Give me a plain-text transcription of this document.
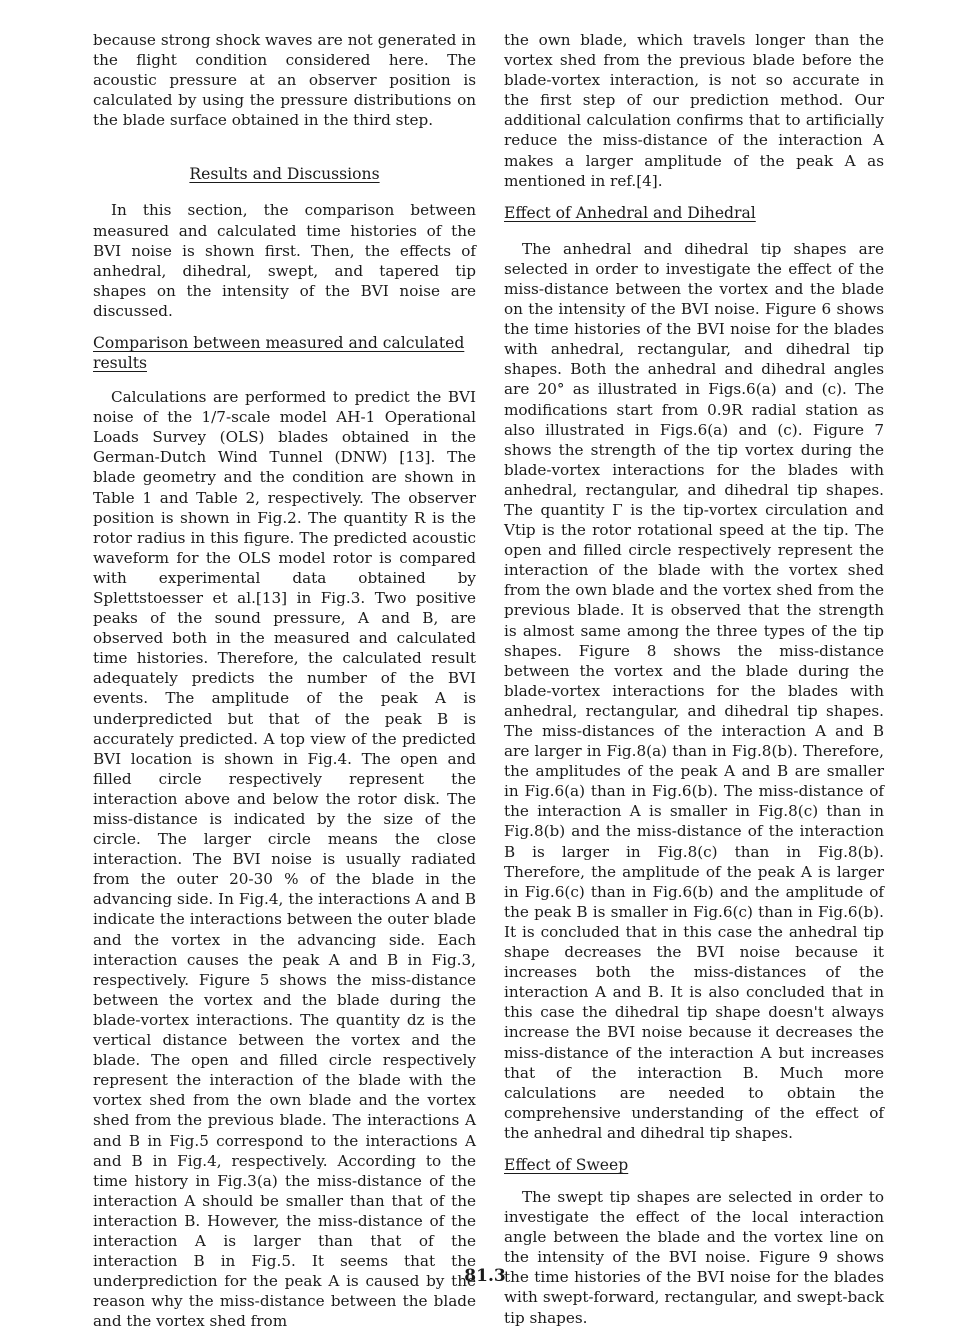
because strong shock waves are not generated in the flight condition considered here. The acoustic pressure at an observer position is calculated by using the pressure distributions on the blade surface obtained in the third step.

Results and Discussions

In this section, the comparison between measured and calculated time histories of the BVI noise is shown first. Then, the effects of anhedral, dihedral, swept, and tapered tip shapes on the intensity of the BVI noise are discussed.

Comparison between measured and calculated results

Calculations are performed to predict the BVI noise of the 1/7-scale model AH-1 Operational Loads Survey (OLS) blades obtained in the German-Dutch Wind Tunnel (DNW) [13]. The blade geometry and the condition are shown in Table 1 and Table 2, respectively. The observer position is shown in Fig.2. The quantity R is the rotor radius in this figure. The predicted acoustic waveform for the OLS model rotor is compared with experimental data obtained by Splettstoesser et al.[13] in Fig.3. Two positive peaks of the sound pressure, A and B, are observed both in the measured and calculated time histories. Therefore, the calculated result adequately predicts the number of the BVI events. The amplitude of the peak A is underpredicted but that of the peak B is accurately predicted. A top view of the predicted BVI location is shown in Fig.4. The open and filled circle respectively represent the interaction above and below the rotor disk. The miss-distance is indicated by the size of the circle. The larger circle means the close interaction. The BVI noise is usually radiated from the outer 20-30 % of the blade in the advancing side. In Fig.4, the interactions A and B indicate the interactions between the outer blade and the vortex in the advancing side. Each interaction causes the peak A and B in Fig.3, respectively. Figure 5 shows the miss-distance between the vortex and the blade during the blade-vortex interactions. The quantity dz is the vertical distance between the vortex and the blade. The open and filled circle respectively represent the interaction of the blade with the vortex shed from the own blade and the vortex shed from the previous blade. The interactions A and B in Fig.5 correspond to the interactions A and B in Fig.4, respectively. According to the time history in Fig.3(a) the miss-distance of the interaction A should be smaller than that of the interaction B. However, the miss-distance of the interaction A is larger than that of the interaction B in Fig.5. It seems that the underprediction for the peak A is caused by the reason why the miss-distance between the blade and the vortex shed from

the own blade, which travels longer than the vortex shed from the previous blade before the blade-vortex interaction, is not so accurate in the first step of our prediction method. Our additional calculation confirms that to artificially reduce the miss-distance of the interaction A makes a larger amplitude of the peak A as mentioned in ref.[4].

Effect of Anhedral and Dihedral

The anhedral and dihedral tip shapes are selected in order to investigate the effect of the miss-distance between the vortex and the blade on the intensity of the BVI noise. Figure 6 shows the time histories of the BVI noise for the blades with anhedral, rectangular, and dihedral tip shapes. Both the anhedral and dihedral angles are 20° as illustrated in Figs.6(a) and (c). The modifications start from 0.9R radial station as also illustrated in Figs.6(a) and (c). Figure 7 shows the strength of the tip vortex during the blade-vortex interactions for the blades with anhedral, rectangular, and dihedral tip shapes. The quantity Γ is the tip-vortex circulation and Vtip is the rotor rotational speed at the tip. The open and filled circle respectively represent the interaction of the blade with the vortex shed from the own blade and the vortex shed from the previous blade. It is observed that the strength is almost same among the three types of the tip shapes. Figure 8 shows the miss-distance between the vortex and the blade during the blade-vortex interactions for the blades with anhedral, rectangular, and dihedral tip shapes. The miss-distances of the interaction A and B are larger in Fig.8(a) than in Fig.8(b). Therefore, the amplitudes of the peak A and B are smaller in Fig.6(a) than in Fig.6(b). The miss-distance of the interaction A is smaller in Fig.8(c) than in Fig.8(b) and the miss-distance of the interaction B is larger in Fig.8(c) than in Fig.8(b). Therefore, the amplitude of the peak A is larger in Fig.6(c) than in Fig.6(b) and the amplitude of the peak B is smaller in Fig.6(c) than in Fig.6(b). It is concluded that in this case the anhedral tip shape decreases the BVI noise because it increases both the miss-distances of the interaction A and B. It is also concluded that in this case the dihedral tip shape doesn't always increase the BVI noise because it decreases the miss-distance of the interaction A but increases that of the interaction B. Much more calculations are needed to obtain the comprehensive understanding of the effect of the anhedral and dihedral tip shapes.

Effect of Sweep

The swept tip shapes are selected in order to investigate the effect of the local interaction angle between the blade and the vortex line on the intensity of the BVI noise. Figure 9 shows the time histories of the BVI noise for the blades with swept-forward, rectangular, and swept-back tip shapes.

81.3
